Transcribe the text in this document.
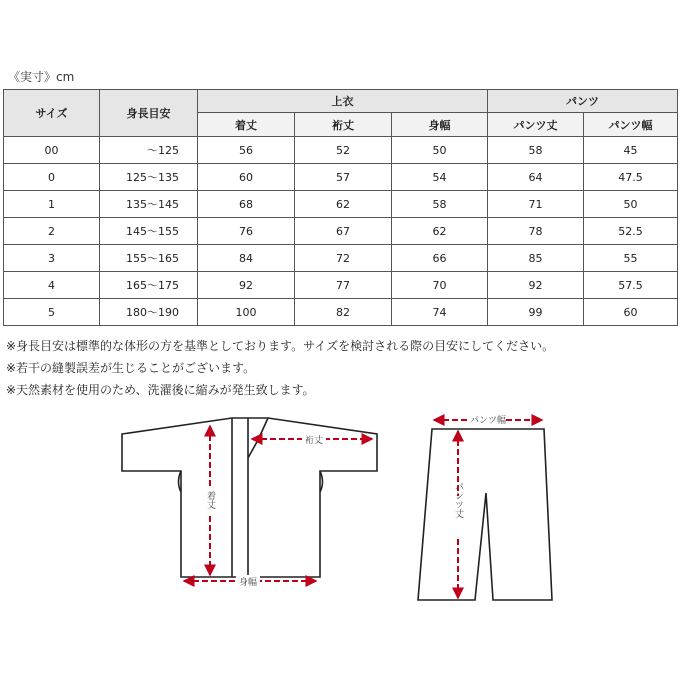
《実寸》cm
サイズ	身長目安	上衣			パンツ	
		着丈	裄丈	身幅	パンツ丈	パンツ幅
00	～125	56	52	50	58	45
0	125～135	60	57	54	64	47.5
1	135～145	68	62	58	71	50
2	145～155	76	67	62	78	52.5
3	155～165	84	72	66	85	55
4	165～175	92	77	70	92	57.5
5	180～190	100	82	74	99	60
※身長目安は標準的な体形の方を基準としております。サイズを検討される際の目安にしてください。
※若干の縫製誤差が生じることがございます。
※天然素材を使用のため、洗濯後に縮みが発生致します。
着丈
裄丈
身幅
パンツ幅
パンツ丈
